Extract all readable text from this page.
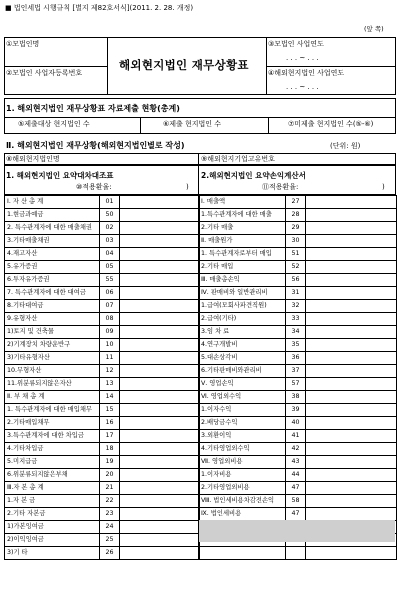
■ 법인세법 시행규칙 [별지 제82호서식](2011. 2. 28. 개정)
(앞 쪽)
①모법인명
②모법인 사업자등록번호
해외현지법인 재무상황표
③모법인 사업연도
. . . ~ . . .
④해외현지법인 사업연도
. . . ~ . . .
1. 해외현지법인 재무상황표 자료제출 현황(총계)
⑤제출대상 현지법인 수	⑥제출 현지법인 수	⑦미제출 현지법인 수(⑤-⑥)
Ⅱ. 해외현지법인 재무상황(해외현지법인별로 작성)	(단위: 원)
⑧해외현지법인명	⑨해외현지기업고유번호
1. 해외현지법인 요약대차대조표
⑩적용환율:	)
2.해외현지법인 요약손익계산서
⑪적용환율:	)
Ⅰ. 자 산 총 계	01	
1.현금과예금	50	
2. 특수관계자에 대한 매출채권	02	
3.기타매출채권	03	
4.재고자산	04	
5.유가증권	05	
6.투자유가증권	55	
7. 특수관계자에 대한 대여금	06	
8.기타대여금	07	
9.유형자산	08	
1)토지 및 건축물	09	
2)기계장치 차량운반구	10	
3)기타유형자산	11	
10.무형자산	12	
11.위분류되지않은자산	13	
Ⅱ. 부 채 총 계	14	
1. 특수관계자에 대한 매입채무	15	
2.기타매입채무	16	
3.특수관계자에 대한 차입금	17	
4.기타차입금	18	
5.미지급금	19	
6.위분류되지않은부채	20	
Ⅲ.자 본 총 계	21	
1.자 본 금	22	
2.기타 자본금	23	
1)가본잉여금	24	
2)이익잉여금	25	
3)기 타	26	
Ⅰ. 매출액	27	
1.특수관계자에 대한 매출	28	
2.기타 매출	29	
Ⅱ. 매출원가	30	
1. 특수관계자로부터 매입	51	
2.기타 매입	52	
Ⅲ. 매출총손익	56	
Ⅳ. 판매비와 일반관리비	31	
1.급여(모회사파견직원)	32	
2.급여(기타)	33	
3.임 차 료	34	
4.연구개발비	35	
5.대손상각비	36	
6.기타판매비와관리비	37	
Ⅴ. 영업손익	57	
Ⅵ. 영업외수익	38	
1.이자수익	39	
2.배당금수익	40	
3.외환이익	41	
4.기타영업외수익	42	
Ⅶ. 영업외비용	43	
1.이자비용	44	
2.기타영업외비용	47	
Ⅷ. 법인세비용차감전손익	58	
Ⅸ. 법인세비용	47	
